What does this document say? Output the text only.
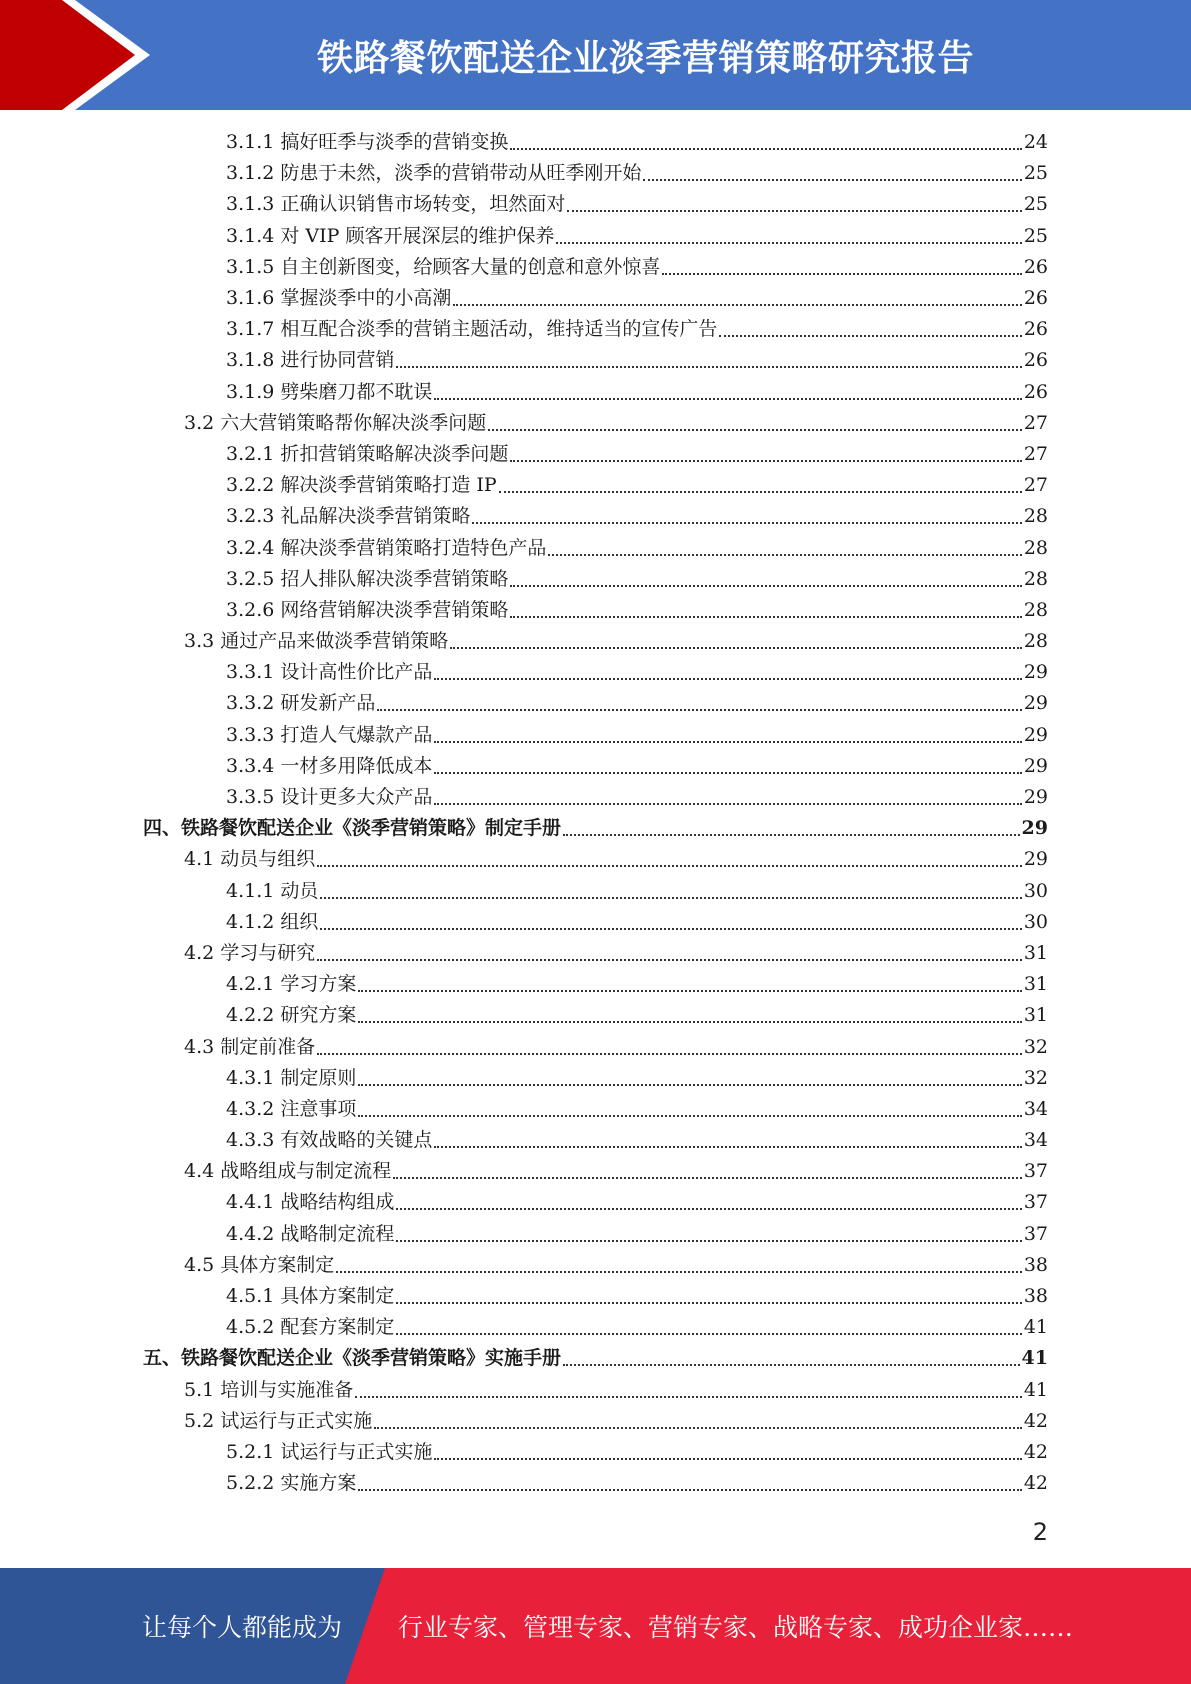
铁路餐饮配送企业淡季营销策略研究报告
3.1.1 搞好旺季与淡季的营销变换	24
3.1.2 防患于未然，淡季的营销带动从旺季刚开始	25
3.1.3 正确认识销售市场转变，坦然面对	25
3.1.4 对 VIP 顾客开展深层的维护保养	25
3.1.5 自主创新图变，给顾客大量的创意和意外惊喜	26
3.1.6 掌握淡季中的小高潮	26
3.1.7 相互配合淡季的营销主题活动，维持适当的宣传广告	26
3.1.8 进行协同营销	26
3.1.9 劈柴磨刀都不耽误	26
3.2 六大营销策略帮你解决淡季问题	27
3.2.1 折扣营销策略解决淡季问题	27
3.2.2 解决淡季营销策略打造 IP	27
3.2.3 礼品解决淡季营销策略	28
3.2.4 解决淡季营销策略打造特色产品	28
3.2.5 招人排队解决淡季营销策略	28
3.2.6 网络营销解决淡季营销策略	28
3.3 通过产品来做淡季营销策略	28
3.3.1 设计高性价比产品	29
3.3.2 研发新产品	29
3.3.3 打造人气爆款产品	29
3.3.4 一材多用降低成本	29
3.3.5 设计更多大众产品	29
四、铁路餐饮配送企业《淡季营销策略》制定手册	29
4.1 动员与组织	29
4.1.1 动员	30
4.1.2 组织	30
4.2 学习与研究	31
4.2.1 学习方案	31
4.2.2 研究方案	31
4.3 制定前准备	32
4.3.1 制定原则	32
4.3.2 注意事项	34
4.3.3 有效战略的关键点	34
4.4 战略组成与制定流程	37
4.4.1 战略结构组成	37
4.4.2 战略制定流程	37
4.5 具体方案制定	38
4.5.1 具体方案制定	38
4.5.2 配套方案制定	41
五、铁路餐饮配送企业《淡季营销策略》实施手册	41
5.1 培训与实施准备	41
5.2 试运行与正式实施	42
5.2.1 试运行与正式实施	42
5.2.2 实施方案	42
2
让每个人都能成为 行业专家、管理专家、营销专家、战略专家、成功企业家……
